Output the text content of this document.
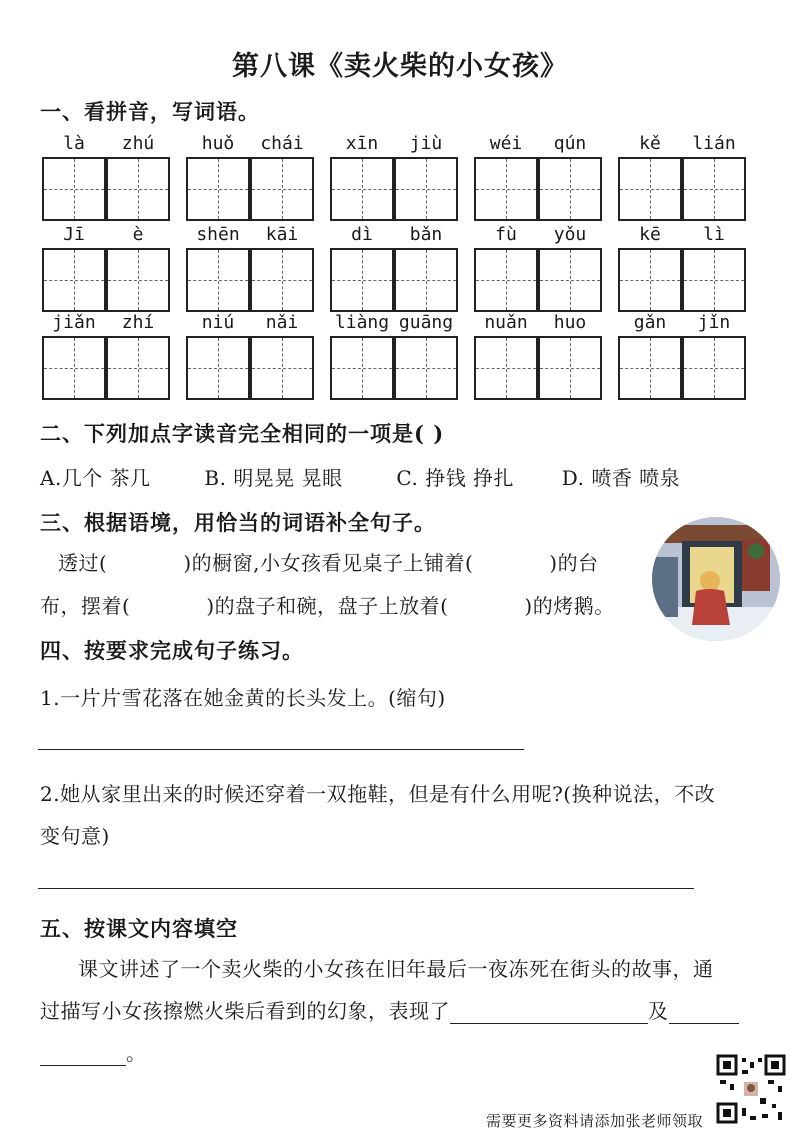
第八课《卖火柴的小女孩》
一、看拼音，写词语。
là	zhú	huǒ	chái	xīn	jiù	wéi	qún	kě	lián
Jī	è	shēn	kāi	dì	bǎn	fù	yǒu	kē	lì
jiǎn	zhí	niú	nǎi	liàng guāng	nuǎn	huo	gǎn	jǐn
二、下列加点字读音完全相同的一项是( )
A.几个 茶几	B. 明晃晃 晃眼	C. 挣钱 挣扎 D. 喷香 喷泉
三、根据语境，用恰当的词语补全句子。
透过(	)的橱窗,小女孩看见桌子上铺着(	)的台
布，摆着(	)的盘子和碗，盘子上放着(	)的烤鹅。
四、按要求完成句子练习。
1.一片片雪花落在她金黄的长头发上。(缩句)
2.她从家里出来的时候还穿着一双拖鞋，但是有什么用呢?(换种说法，不改
变句意)
五、按课文内容填空
课文讲述了一个卖火柴的小女孩在旧年最后一夜冻死在街头的故事，通
过描写小女孩擦燃火柴后看到的幻象，表现了	及
。
需要更多资料请添加张老师领取
